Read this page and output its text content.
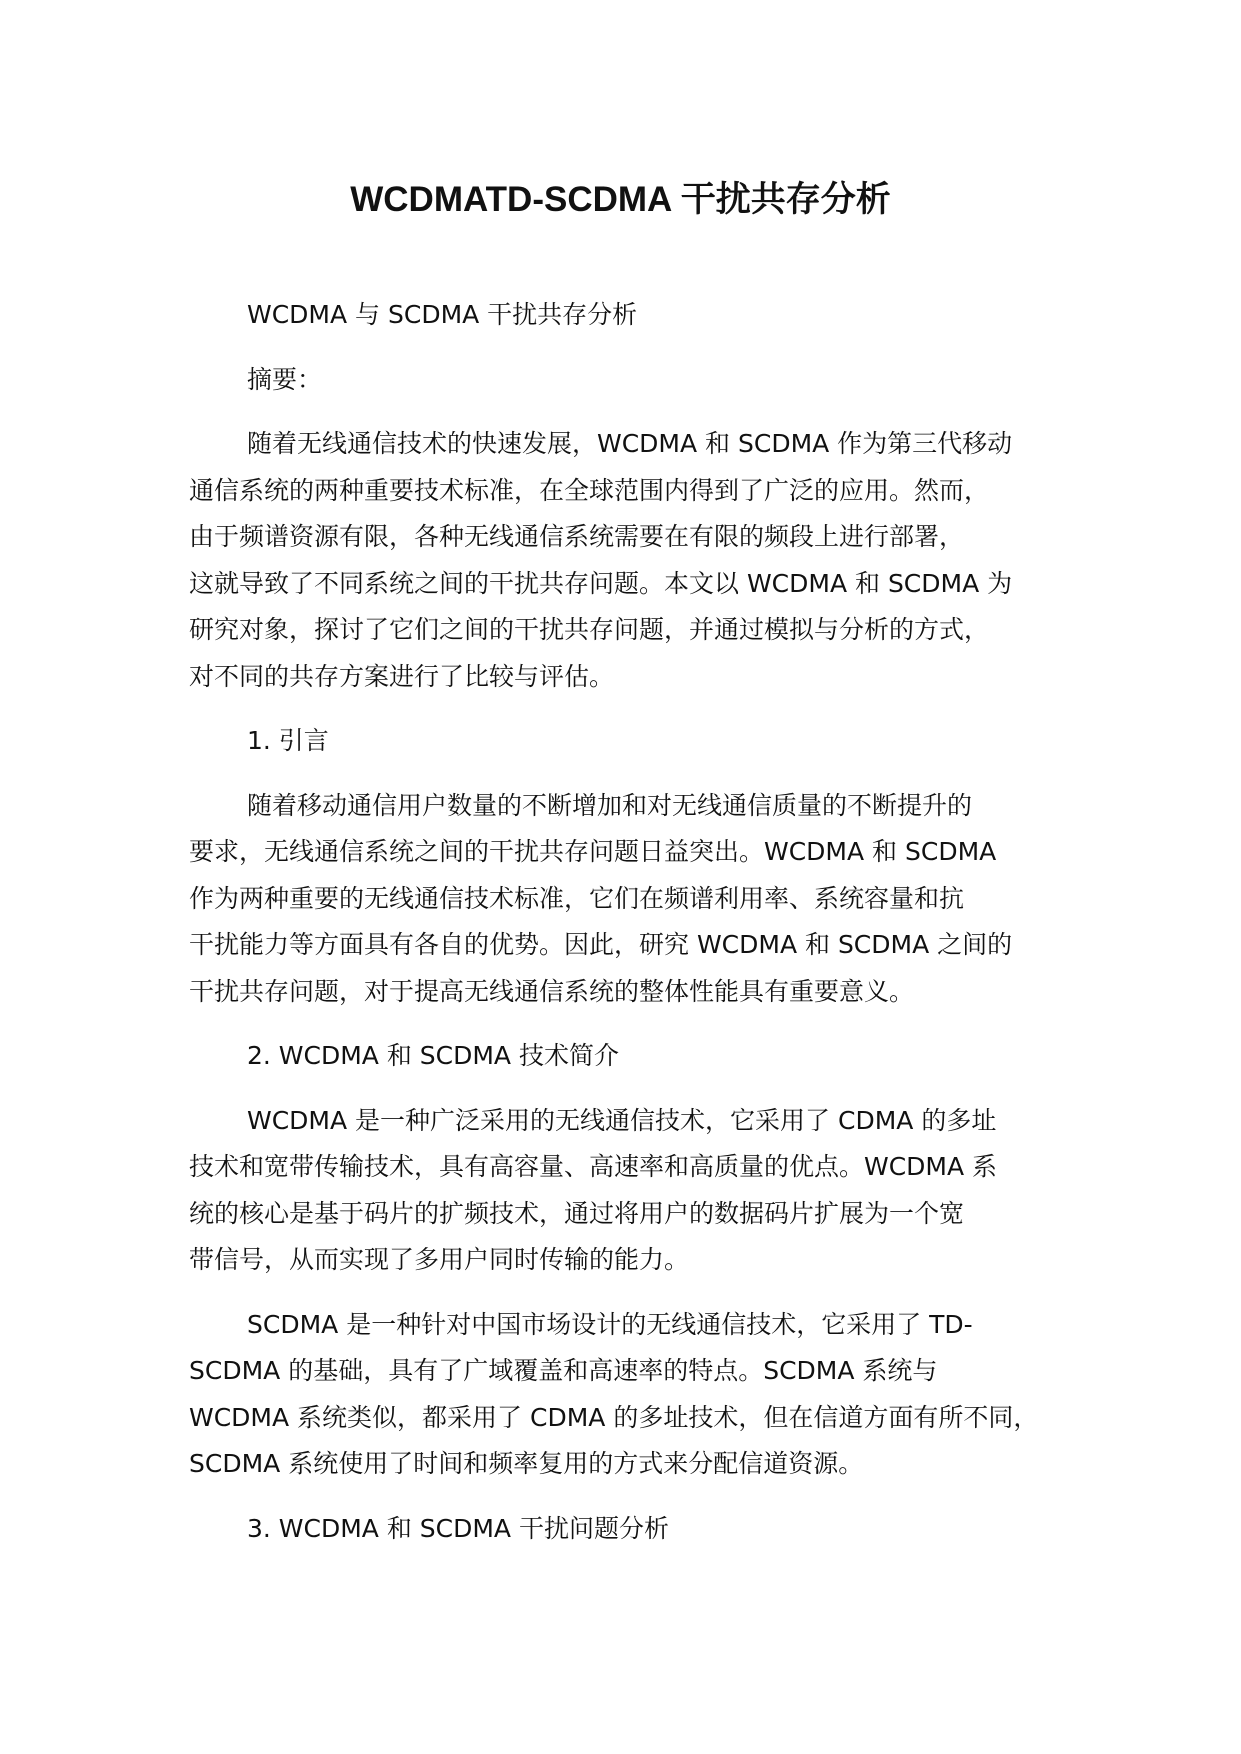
WCDMATD-SCDMA 干扰共存分析
WCDMA 与 SCDMA 干扰共存分析
摘要：
随着无线通信技术的快速发展，WCDMA 和 SCDMA 作为第三代移动
通信系统的两种重要技术标准，在全球范围内得到了广泛的应用。然而，
由于频谱资源有限，各种无线通信系统需要在有限的频段上进行部署，
这就导致了不同系统之间的干扰共存问题。本文以 WCDMA 和 SCDMA 为
研究对象，探讨了它们之间的干扰共存问题，并通过模拟与分析的方式，
对不同的共存方案进行了比较与评估。
1. 引言
随着移动通信用户数量的不断增加和对无线通信质量的不断提升的
要求，无线通信系统之间的干扰共存问题日益突出。WCDMA 和 SCDMA
作为两种重要的无线通信技术标准，它们在频谱利用率、系统容量和抗
干扰能力等方面具有各自的优势。因此，研究 WCDMA 和 SCDMA 之间的
干扰共存问题，对于提高无线通信系统的整体性能具有重要意义。
2. WCDMA 和 SCDMA 技术简介
WCDMA 是一种广泛采用的无线通信技术，它采用了 CDMA 的多址
技术和宽带传输技术，具有高容量、高速率和高质量的优点。WCDMA 系
统的核心是基于码片的扩频技术，通过将用户的数据码片扩展为一个宽
带信号，从而实现了多用户同时传输的能力。
SCDMA 是一种针对中国市场设计的无线通信技术，它采用了 TD-
SCDMA 的基础，具有了广域覆盖和高速率的特点。SCDMA 系统与
WCDMA 系统类似，都采用了 CDMA 的多址技术，但在信道方面有所不同，
SCDMA 系统使用了时间和频率复用的方式来分配信道资源。
3. WCDMA 和 SCDMA 干扰问题分析
